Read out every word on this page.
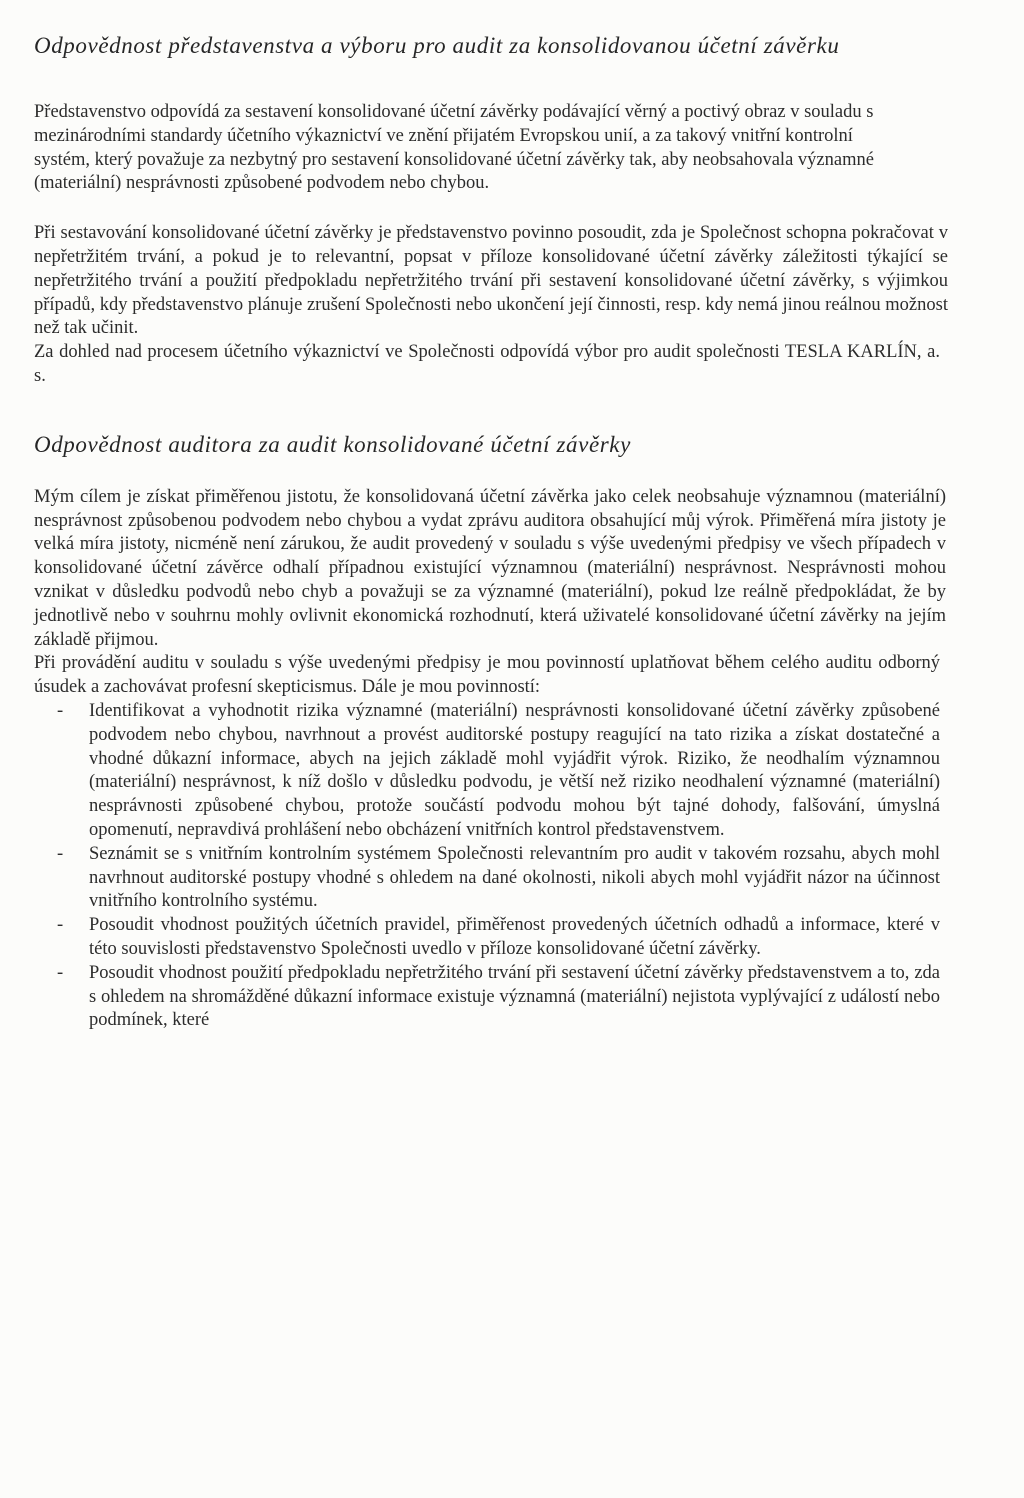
Odpovědnost představenstva a výboru pro audit za konsolidovanou účetní závěrku

Představenstvo odpovídá za sestavení konsolidované účetní závěrky podávající věrný a poctivý obraz v souladu s mezinárodními standardy účetního výkaznictví ve znění přijatém Evropskou unií, a za takový vnitřní kontrolní systém, který považuje za nezbytný pro sestavení konsolidované účetní závěrky tak, aby neobsahovala významné (materiální) nesprávnosti způsobené podvodem nebo chybou.

Při sestavování konsolidované účetní závěrky je představenstvo povinno posoudit, zda je Společnost schopna pokračovat v nepřetržitém trvání, a pokud je to relevantní, popsat v příloze konsolidované účetní závěrky záležitosti týkající se nepřetržitého trvání a použití předpokladu nepřetržitého trvání při sestavení konsolidované účetní závěrky, s výjimkou případů, kdy představenstvo plánuje zrušení Společnosti nebo ukončení její činnosti, resp. kdy nemá jinou reálnou možnost než tak učinit.

Za dohled nad procesem účetního výkaznictví ve Společnosti odpovídá výbor pro audit společnosti TESLA KARLÍN, a. s.

Odpovědnost auditora za audit konsolidované účetní závěrky

Mým cílem je získat přiměřenou jistotu, že konsolidovaná účetní závěrka jako celek neobsahuje významnou (materiální) nesprávnost způsobenou podvodem nebo chybou a vydat zprávu auditora obsahující můj výrok. Přiměřená míra jistoty je velká míra jistoty, nicméně není zárukou, že audit provedený v souladu s výše uvedenými předpisy ve všech případech v konsolidované účetní závěrce odhalí případnou existující významnou (materiální) nesprávnost. Nesprávnosti mohou vznikat v důsledku podvodů nebo chyb a považuji se za významné (materiální), pokud lze reálně předpokládat, že by jednotlivě nebo v souhrnu mohly ovlivnit ekonomická rozhodnutí, která uživatelé konsolidované účetní závěrky na jejím základě přijmou.

Při provádění auditu v souladu s výše uvedenými předpisy je mou povinností uplatňovat během celého auditu odborný úsudek a zachovávat profesní skepticismus. Dále je mou povinností:

- Identifikovat a vyhodnotit rizika významné (materiální) nesprávnosti konsolidované účetní závěrky způsobené podvodem nebo chybou, navrhnout a provést auditorské postupy reagující na tato rizika a získat dostatečné a vhodné důkazní informace, abych na jejich základě mohl vyjádřit výrok. Riziko, že neodhalím významnou (materiální) nesprávnost, k níž došlo v důsledku podvodu, je větší než riziko neodhalení významné (materiální) nesprávnosti způsobené chybou, protože součástí podvodu mohou být tajné dohody, falšování, úmyslná opomenutí, nepravdivá prohlášení nebo obcházení vnitřních kontrol představenstvem.
- Seznámit se s vnitřním kontrolním systémem Společnosti relevantním pro audit v takovém rozsahu, abych mohl navrhnout auditorské postupy vhodné s ohledem na dané okolnosti, nikoli abych mohl vyjádřit názor na účinnost vnitřního kontrolního systému.
- Posoudit vhodnost použitých účetních pravidel, přiměřenost provedených účetních odhadů a informace, které v této souvislosti představenstvo Společnosti uvedlo v příloze konsolidované účetní závěrky.
- Posoudit vhodnost použití předpokladu nepřetržitého trvání při sestavení účetní závěrky představenstvem a to, zda s ohledem na shromážděné důkazní informace existuje významná (materiální) nejistota vyplývající z událostí nebo podmínek, které
